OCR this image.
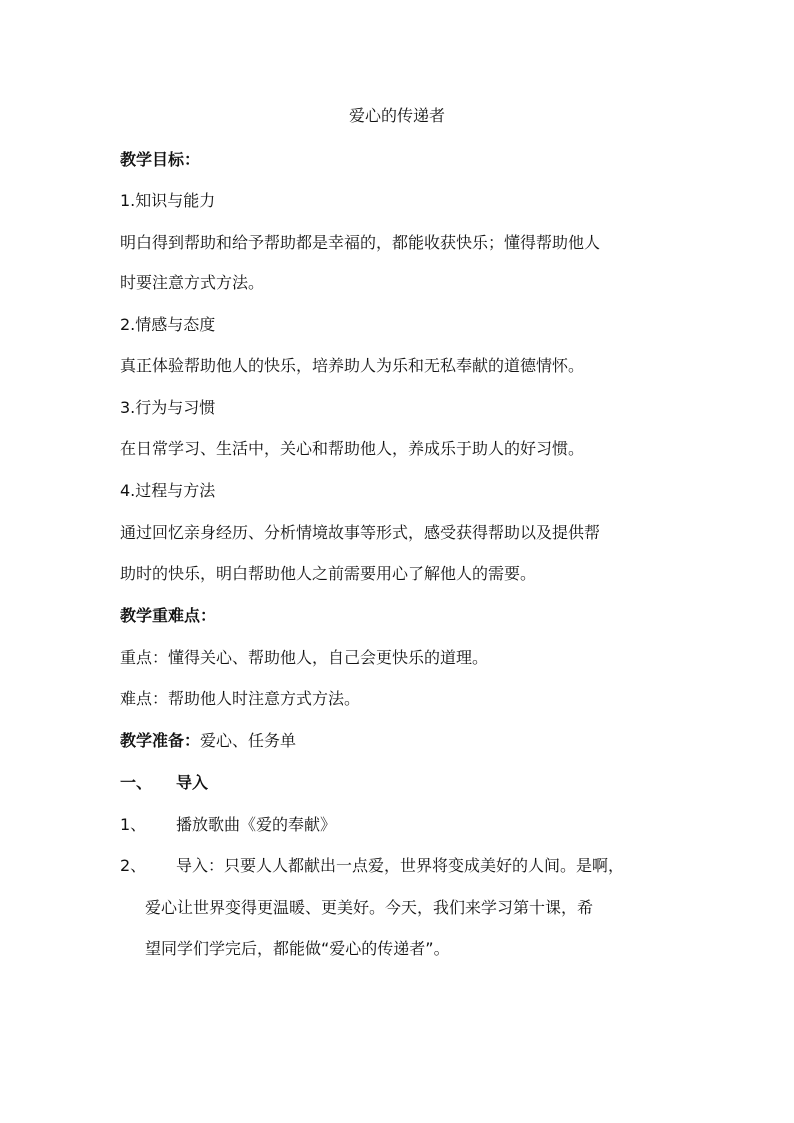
爱心的传递者
教学目标：
1.知识与能力
明白得到帮助和给予帮助都是幸福的，都能收获快乐；懂得帮助他人
时要注意方式方法。
2.情感与态度
真正体验帮助他人的快乐，培养助人为乐和无私奉献的道德情怀。
3.行为与习惯
在日常学习、生活中，关心和帮助他人，养成乐于助人的好习惯。
4.过程与方法
通过回忆亲身经历、分析情境故事等形式，感受获得帮助以及提供帮
助时的快乐，明白帮助他人之前需要用心了解他人的需要。
教学重难点：
重点：懂得关心、帮助他人，自己会更快乐的道理。
难点：帮助他人时注意方式方法。
教学准备：爱心、任务单
一、 导入
1、 播放歌曲《爱的奉献》
2、 导入：只要人人都献出一点爱，世界将变成美好的人间。是啊，
爱心让世界变得更温暖、更美好。今天，我们来学习第十课，希
望同学们学完后，都能做“爱心的传递者”。
